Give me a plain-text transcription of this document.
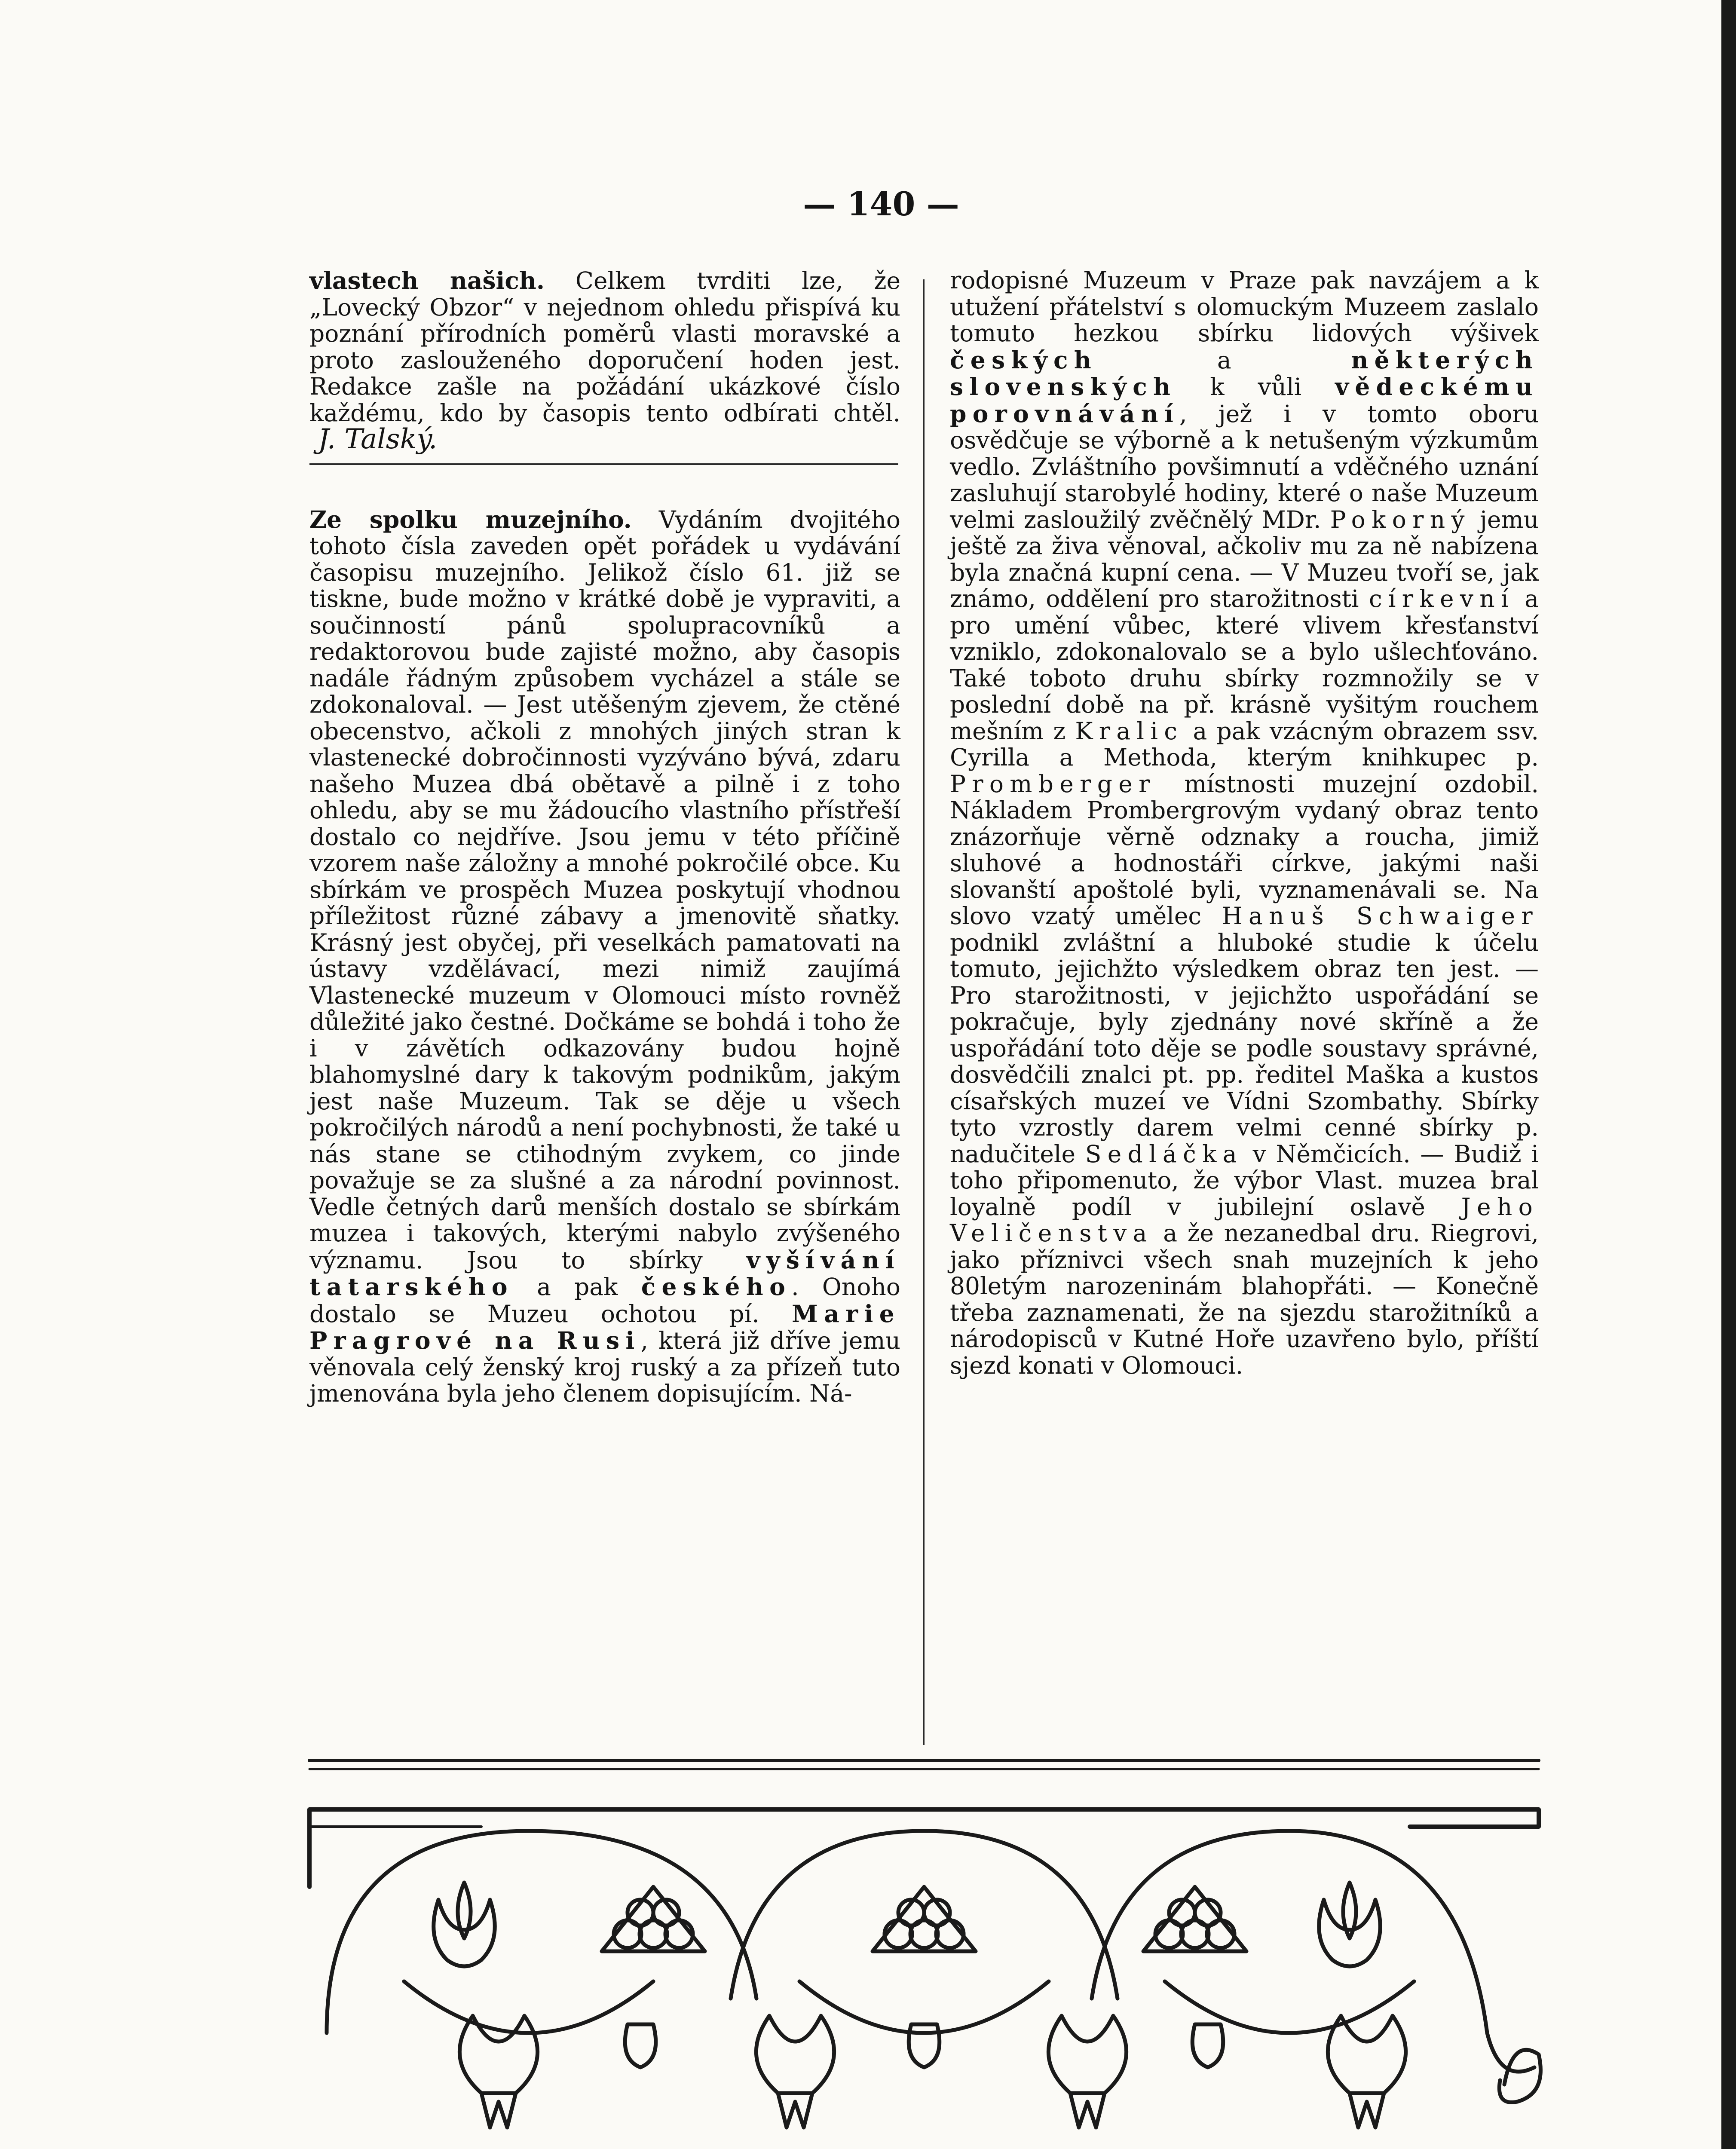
— 140 —

vlastech našich. Celkem tvrditi lze, že „Lovecký Obzor“ v nejednom ohledu přispívá ku poznání přírodních poměrů vlasti moravské a proto zaslouženého doporučení hoden jest. Redakce zašle na požádání ukázkové číslo každému, kdo by časopis tento odbírati chtěl. J. Talský.

Ze spolku muzejního. Vydáním dvojitého tohoto čísla zaveden opět pořádek u vydávání časopisu muzejního. Jelikož číslo 61. již se tiskne, bude možno v krátké době je vypraviti, a součinností pánů spolupracovníků a redaktorovou bude zajisté možno, aby časopis nadále řádným způsobem vycházel a stále se zdokonaloval. — Jest utěšeným zjevem, že ctěné obecenstvo, ačkoli z mnohých jiných stran k vlastenecké dobročinnosti vyzýváno bývá, zdaru našeho Muzea dbá obětavě a pilně i z toho ohledu, aby se mu žádoucího vlastního přístřeší dostalo co nejdříve. Jsou jemu v této příčině vzorem naše záložny a mnohé pokročilé obce. Ku sbírkám ve prospěch Muzea poskytují vhodnou příležitost různé zábavy a jmenovitě sňatky. Krásný jest obyčej, při veselkách pamatovati na ústavy vzdělávací, mezi nimiž zaujímá Vlastenecké muzeum v Olomouci místo rovněž důležité jako čestné. Dočkáme se bohdá i toho že i v závětích odkazovány budou hojně blahomyslné dary k takovým podnikům, jakým jest naše Muzeum. Tak se děje u všech pokročilých národů a není pochybnosti, že také u nás stane se ctihodným zvykem, co jinde považuje se za slušné a za národní povinnost. Vedle četných darů menších dostalo se sbírkám muzea i takových, kterými nabylo zvýšeného významu. Jsou to sbírky vyšívání tatarského a pak českého. Onoho dostalo se Muzeu ochotou pí. Marie Pragrové na Rusi, která již dříve jemu věnovala celý ženský kroj ruský a za přízeň tuto jmenována byla jeho členem dopisujícím. Ná-

rodopisné Muzeum v Praze pak navzájem a k utužení přátelství s olomuckým Muzeem zaslalo tomuto hezkou sbírku lidových výšivek českých a některých slovenských k vůli vědeckému porovnávání, jež i v tomto oboru osvědčuje se výborně a k netušeným výzkumům vedlo. Zvláštního povšimnutí a vděčného uznání zasluhují starobylé hodiny, které o naše Muzeum velmi zasloužilý zvěčnělý MDr. Pokorný jemu ještě za živa věnoval, ačkoliv mu za ně nabízena byla značná kupní cena. — V Muzeu tvoří se, jak známo, oddělení pro starožitnosti církevní a pro umění vůbec, které vlivem křesťanství vzniklo, zdokonalovalo se a bylo ušlechťováno. Také toboto druhu sbírky rozmnožily se v poslední době na př. krásně vyšitým rouchem mešním z Kralic a pak vzácným obrazem ssv. Cyrilla a Methoda, kterým knihkupec p. Promberger místnosti muzejní ozdobil. Nákladem Prombergrovým vydaný obraz tento znázorňuje věrně odznaky a roucha, jimiž sluhové a hodnostáři církve, jakými naši slovanští apoštolé byli, vyznamenávali se. Na slovo vzatý umělec Hanuš Schwaiger podnikl zvláštní a hluboké studie k účelu tomuto, jejichžto výsledkem obraz ten jest. — Pro starožitnosti, v jejichžto uspořádání se pokračuje, byly zjednány nové skříně a že uspořádání toto děje se podle soustavy správné, dosvědčili znalci pt. pp. ředitel Maška a kustos císařských muzeí ve Vídni Szombathy. Sbírky tyto vzrostly darem velmi cenné sbírky p. nadučitele Sedláčka v Němčicích. — Budiž i toho připomenuto, že výbor Vlast. muzea bral loyalně podíl v jubilejní oslavě Jeho Veličenstva a že nezanedbal dru. Riegrovi, jako příznivci všech snah muzejních k jeho 80letým narozeninám blahopřáti. — Konečně třeba zaznamenati, že na sjezdu starožitníků a národopisců v Kutné Hoře uzavřeno bylo, příští sjezd konati v Olomouci.
